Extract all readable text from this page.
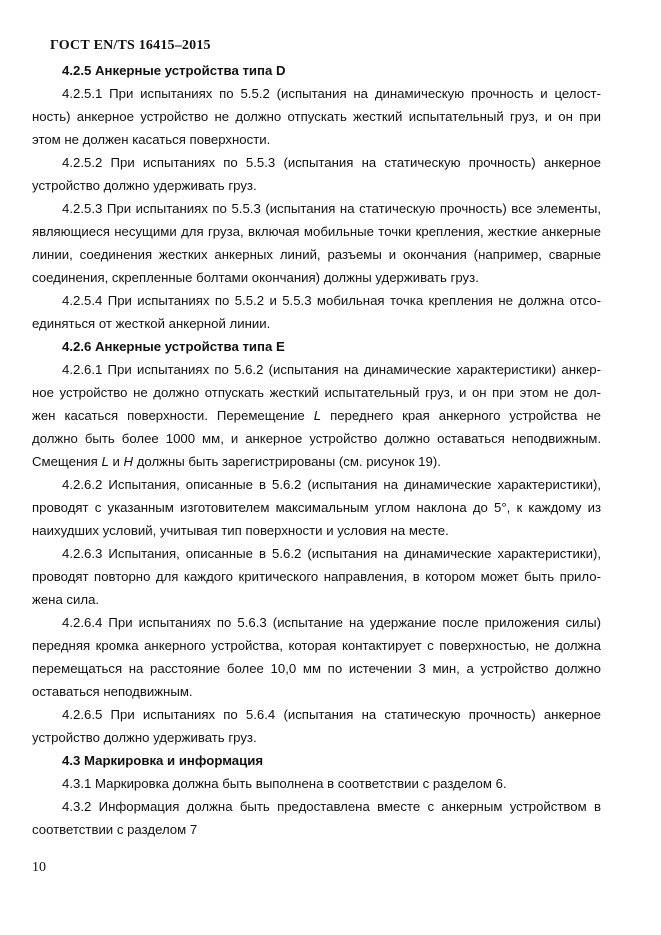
ГОСТ EN/TS 16415–2015
4.2.5 Анкерные устройства типа D
4.2.5.1 При испытаниях по 5.5.2 (испытания на динамическую прочность и целост-
ность) анкерное устройство не должно отпускать жесткий испытательный груз, и он при
этом не должен касаться поверхности.
4.2.5.2 При испытаниях по 5.5.3 (испытания на статическую прочность) анкерное
устройство должно удерживать груз.
4.2.5.3 При испытаниях по 5.5.3 (испытания на статическую прочность) все элементы,
являющиеся несущими для груза, включая мобильные точки крепления, жесткие анкерные
линии, соединения жестких анкерных линий, разъемы и окончания (например, сварные
соединения, скрепленные болтами окончания) должны удерживать груз.
4.2.5.4 При испытаниях по 5.5.2 и 5.5.3 мобильная точка крепления не должна отсо-
единяться от жесткой анкерной линии.
4.2.6 Анкерные устройства типа E
4.2.6.1 При испытаниях по 5.6.2 (испытания на динамические характеристики) анкер-
ное устройство не должно отпускать жесткий испытательный груз, и он при этом не дол-
жен касаться поверхности. Перемещение L переднего края анкерного устройства не
должно быть более 1000 мм, и анкерное устройство должно оставаться неподвижным.
Смещения L и H должны быть зарегистрированы (см. рисунок 19).
4.2.6.2 Испытания, описанные в 5.6.2 (испытания на динамические характеристики),
проводят с указанным изготовителем максимальным углом наклона до 5°, к каждому из
наихудших условий, учитывая тип поверхности и условия на месте.
4.2.6.3 Испытания, описанные в 5.6.2 (испытания на динамические характеристики),
проводят повторно для каждого критического направления, в котором может быть прило-
жена сила.
4.2.6.4 При испытаниях по 5.6.3 (испытание на удержание после приложения силы)
передняя кромка анкерного устройства, которая контактирует с поверхностью, не должна
перемещаться на расстояние более 10,0 мм по истечении 3 мин, а устройство должно
оставаться неподвижным.
4.2.6.5 При испытаниях по 5.6.4 (испытания на статическую прочность) анкерное
устройство должно удерживать груз.
4.3 Маркировка и информация
4.3.1 Маркировка должна быть выполнена в соответствии с разделом 6.
4.3.2 Информация должна быть предоставлена вместе с анкерным устройством в
соответствии с разделом 7
10
